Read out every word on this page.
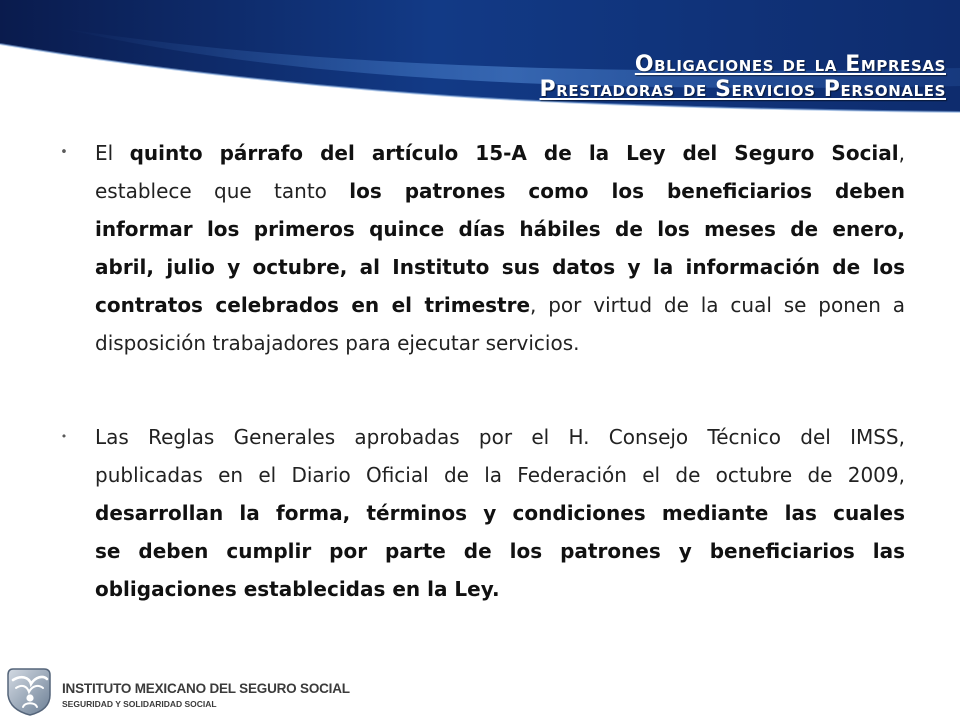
Obligaciones de la Empresas
Prestadoras de Servicios Personales
• El quinto párrafo del artículo 15-A de la Ley del Seguro Social,
establece que tanto los patrones como los beneficiarios deben
informar los primeros quince días hábiles de los meses de enero,
abril, julio y octubre, al Instituto sus datos y la información de los
contratos celebrados en el trimestre, por virtud de la cual se ponen a
disposición trabajadores para ejecutar servicios.
• Las Reglas Generales aprobadas por el H. Consejo Técnico del IMSS,
publicadas en el Diario Oficial de la Federación el de octubre de 2009,
desarrollan la forma, términos y condiciones mediante las cuales
se deben cumplir por parte de los patrones y beneficiarios las
obligaciones establecidas en la Ley.
INSTITUTO MEXICANO DEL SEGURO SOCIAL
SEGURIDAD Y SOLIDARIDAD SOCIAL
